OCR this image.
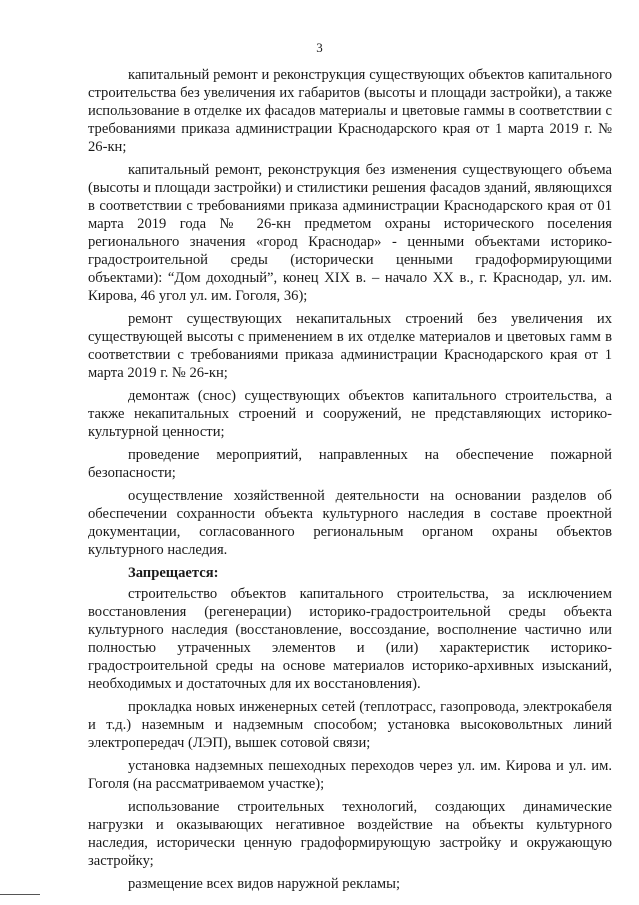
3

капитальный ремонт и реконструкция существующих объектов капитального строительства без увеличения их габаритов (высоты и площади застройки), а также использование в отделке их фасадов материалы и цветовые гаммы в соответствии с требованиями приказа администрации Краснодарского края от 1 марта 2019 г. № 26-кн;

капитальный ремонт, реконструкция без изменения существующего объема (высоты и площади застройки) и стилистики решения фасадов зданий, являющихся в соответствии с требованиями приказа администрации Краснодарского края от 01 марта 2019 года № 26-кн предметом охраны исторического поселения регионального значения «город Краснодар» - ценными объектами историко-градостроительной среды (исторически ценными градоформирующими объектами): “Дом доходный”, конец XIX в. – начало XX в., г. Краснодар, ул. им. Кирова, 46 угол ул. им. Гоголя, 36);

ремонт существующих некапитальных строений без увеличения их существующей высоты с применением в их отделке материалов и цветовых гамм в соответствии с требованиями приказа администрации Краснодарского края от 1 марта 2019 г. № 26-кн;

демонтаж (снос) существующих объектов капитального строительства, а также некапитальных строений и сооружений, не представляющих историко-культурной ценности;

проведение мероприятий, направленных на обеспечение пожарной безопасности;

осуществление хозяйственной деятельности на основании разделов об обеспечении сохранности объекта культурного наследия в составе проектной документации, согласованного региональным органом охраны объектов культурного наследия.

Запрещается:

строительство объектов капитального строительства, за исключением восстановления (регенерации) историко-градостроительной среды объекта культурного наследия (восстановление, воссоздание, восполнение частично или полностью утраченных элементов и (или) характеристик историко-градостроительной среды на основе материалов историко-архивных изысканий, необходимых и достаточных для их восстановления).

прокладка новых инженерных сетей (теплотрасс, газопровода, электрокабеля и т.д.) наземным и надземным способом; установка высоковольтных линий электропередач (ЛЭП), вышек сотовой связи;

установка надземных пешеходных переходов через ул. им. Кирова и ул. им. Гоголя (на рассматриваемом участке);

использование строительных технологий, создающих динамические нагрузки и оказывающих негативное воздействие на объекты культурного наследия, исторически ценную градоформирующую застройку и окружающую застройку;

размещение всех видов наружной рекламы;
